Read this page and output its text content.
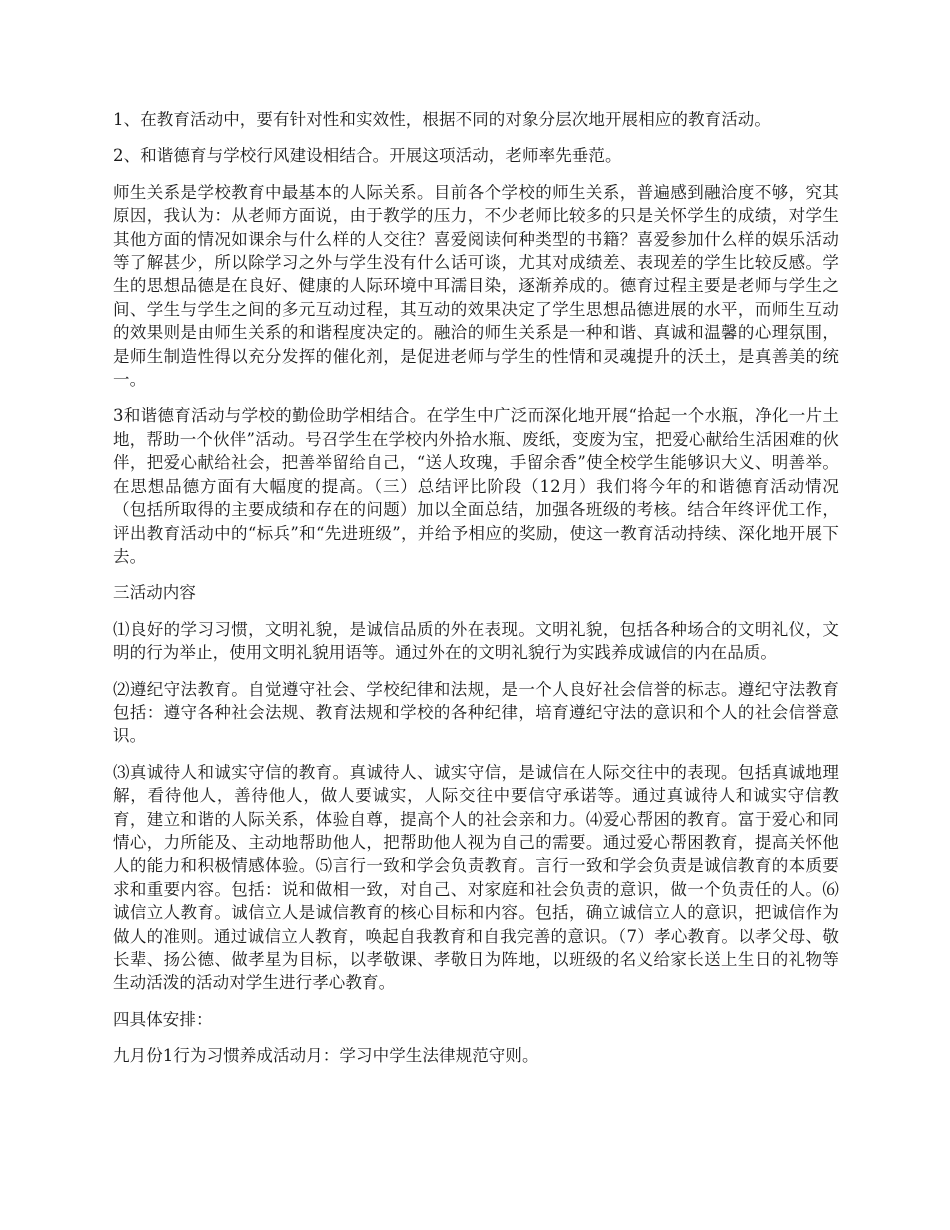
1、在教育活动中，要有针对性和实效性，根据不同的对象分层次地开展相应的教育活动。

2、和谐德育与学校行风建设相结合。开展这项活动，老师率先垂范。

师生关系是学校教育中最基本的人际关系。目前各个学校的师生关系，普遍感到融洽度不够，究其原因，我认为：从老师方面说，由于教学的压力，不少老师比较多的只是关怀学生的成绩，对学生其他方面的情况如课余与什么样的人交往？喜爱阅读何种类型的书籍？喜爱参加什么样的娱乐活动等了解甚少，所以除学习之外与学生没有什么话可谈，尤其对成绩差、表现差的学生比较反感。学生的思想品德是在良好、健康的人际环境中耳濡目染，逐渐养成的。德育过程主要是老师与学生之间、学生与学生之间的多元互动过程，其互动的效果决定了学生思想品德进展的水平，而师生互动的效果则是由师生关系的和谐程度决定的。融洽的师生关系是一种和谐、真诚和温馨的心理氛围，是师生制造性得以充分发挥的催化剂，是促进老师与学生的性情和灵魂提升的沃土，是真善美的统一。

3和谐德育活动与学校的勤俭助学相结合。在学生中广泛而深化地开展“拾起一个水瓶，净化一片土地，帮助一个伙伴”活动。号召学生在学校内外拾水瓶、废纸，变废为宝，把爱心献给生活困难的伙伴，把爱心献给社会，把善举留给自己，“送人玫瑰，手留余香”使全校学生能够识大义、明善举。在思想品德方面有大幅度的提高。（三）总结评比阶段（12月）我们将今年的和谐德育活动情况（包括所取得的主要成绩和存在的问题）加以全面总结，加强各班级的考核。结合年终评优工作，评出教育活动中的“标兵”和“先进班级”，并给予相应的奖励，使这一教育活动持续、深化地开展下去。

三活动内容

⑴良好的学习习惯，文明礼貌，是诚信品质的外在表现。文明礼貌，包括各种场合的文明礼仪，文明的行为举止，使用文明礼貌用语等。通过外在的文明礼貌行为实践养成诚信的内在品质。

⑵遵纪守法教育。自觉遵守社会、学校纪律和法规，是一个人良好社会信誉的标志。遵纪守法教育包括：遵守各种社会法规、教育法规和学校的各种纪律，培育遵纪守法的意识和个人的社会信誉意识。

⑶真诚待人和诚实守信的教育。真诚待人、诚实守信，是诚信在人际交往中的表现。包括真诚地理解，看待他人，善待他人，做人要诚实，人际交往中要信守承诺等。通过真诚待人和诚实守信教育，建立和谐的人际关系，体验自尊，提高个人的社会亲和力。⑷爱心帮困的教育。富于爱心和同情心，力所能及、主动地帮助他人，把帮助他人视为自己的需要。通过爱心帮困教育，提高关怀他人的能力和积极情感体验。⑸言行一致和学会负责教育。言行一致和学会负责是诚信教育的本质要求和重要内容。包括：说和做相一致，对自己、对家庭和社会负责的意识，做一个负责任的人。⑹诚信立人教育。诚信立人是诚信教育的核心目标和内容。包括，确立诚信立人的意识，把诚信作为做人的准则。通过诚信立人教育，唤起自我教育和自我完善的意识。（7）孝心教育。以孝父母、敬长辈、扬公德、做孝星为目标，以孝敬课、孝敬日为阵地，以班级的名义给家长送上生日的礼物等生动活泼的活动对学生进行孝心教育。

四具体安排：

九月份1行为习惯养成活动月：学习中学生法律规范守则。
